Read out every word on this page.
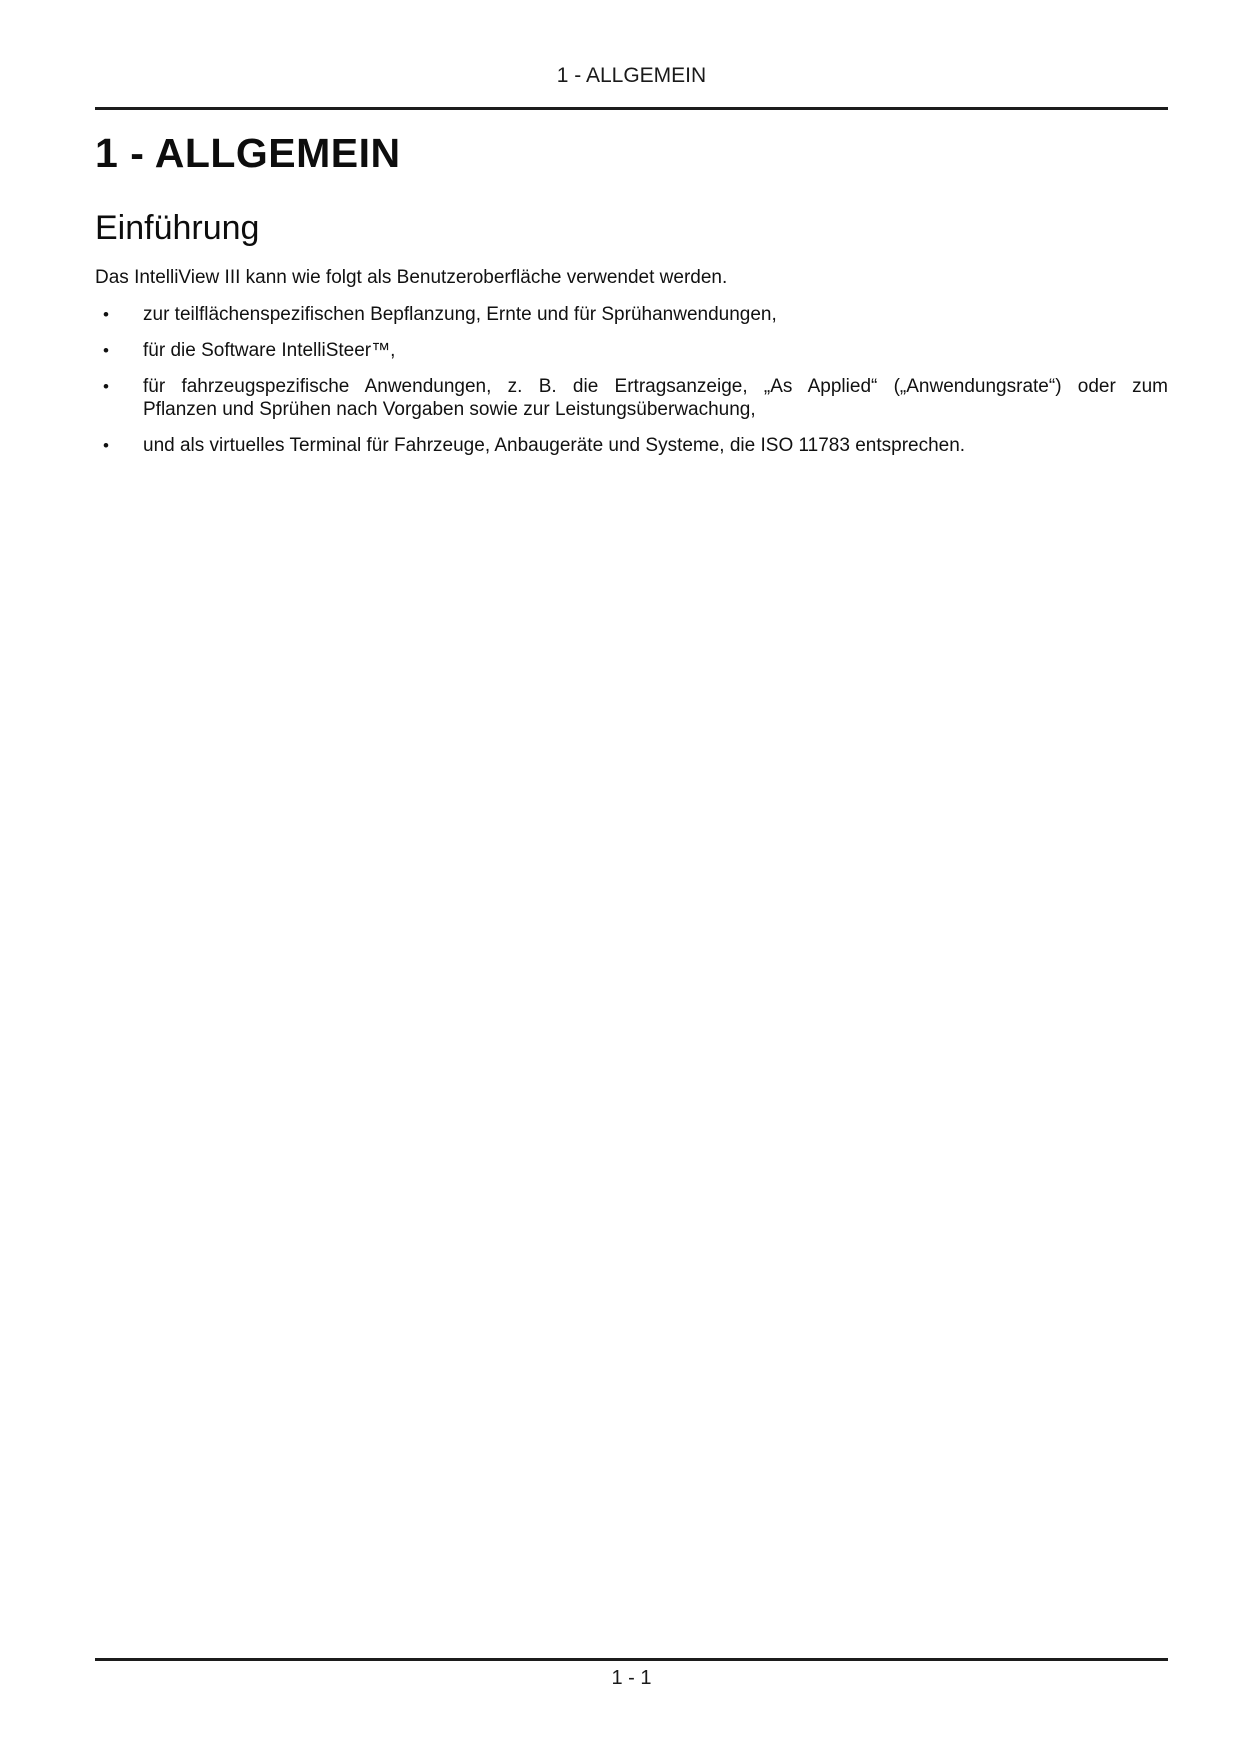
1 - ALLGEMEIN
1 - ALLGEMEIN
Einführung

Das IntelliView III kann wie folgt als Benutzeroberfläche verwendet werden.

• zur teilflächenspezifischen Bepflanzung, Ernte und für Sprühanwendungen,
• für die Software IntelliSteer™,
• für fahrzeugspezifische Anwendungen, z. B. die Ertragsanzeige, „As Applied“ („Anwendungsrate“) oder zum
Pflanzen und Sprühen nach Vorgaben sowie zur Leistungsüberwachung,
• und als virtuelles Terminal für Fahrzeuge, Anbaugeräte und Systeme, die ISO 11783 entsprechen.
1 - 1
